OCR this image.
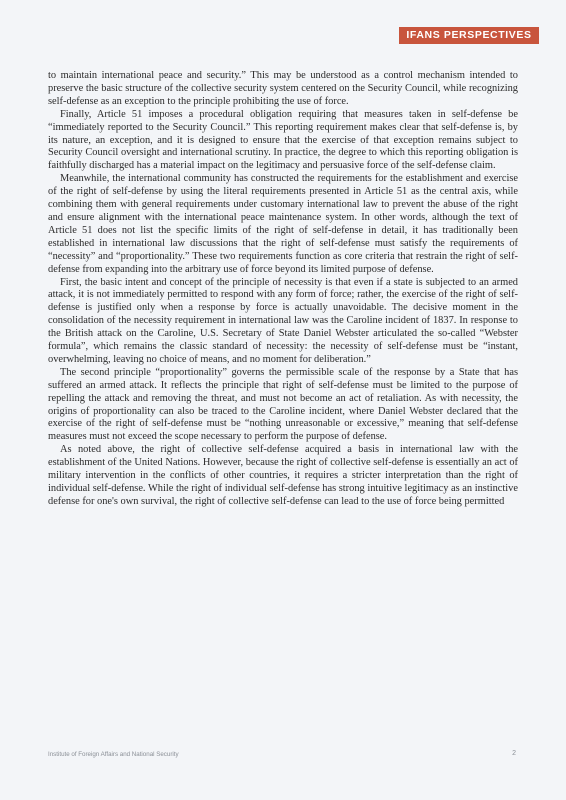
IFANS PERSPECTIVES

to maintain international peace and security.” This may be understood as a control mechanism intended to preserve the basic structure of the collective security system centered on the Security Council, while recognizing self-defense as an exception to the principle prohibiting the use of force.

Finally, Article 51 imposes a procedural obligation requiring that measures taken in self-defense be “immediately reported to the Security Council.” This reporting requirement makes clear that self-defense is, by its nature, an exception, and it is designed to ensure that the exercise of that exception remains subject to Security Council oversight and international scrutiny. In practice, the degree to which this reporting obligation is faithfully discharged has a material impact on the legitimacy and persuasive force of the self-defense claim.

Meanwhile, the international community has constructed the requirements for the establishment and exercise of the right of self-defense by using the literal requirements presented in Article 51 as the central axis, while combining them with general requirements under customary international law to prevent the abuse of the right and ensure alignment with the international peace maintenance system. In other words, although the text of Article 51 does not list the specific limits of the right of self-defense in detail, it has traditionally been established in international law discussions that the right of self-defense must satisfy the requirements of “necessity” and “proportionality.” These two requirements function as core criteria that restrain the right of self-defense from expanding into the arbitrary use of force beyond its limited purpose of defense.

First, the basic intent and concept of the principle of necessity is that even if a state is subjected to an armed attack, it is not immediately permitted to respond with any form of force; rather, the exercise of the right of self-defense is justified only when a response by force is actually unavoidable. The decisive moment in the consolidation of the necessity requirement in international law was the Caroline incident of 1837. In response to the British attack on the Caroline, U.S. Secretary of State Daniel Webster articulated the so-called “Webster formula”, which remains the classic standard of necessity: the necessity of self-defense must be “instant, overwhelming, leaving no choice of means, and no moment for deliberation.”

The second principle “proportionality” governs the permissible scale of the response by a State that has suffered an armed attack. It reflects the principle that right of self-defense must be limited to the purpose of repelling the attack and removing the threat, and must not become an act of retaliation. As with necessity, the origins of proportionality can also be traced to the Caroline incident, where Daniel Webster declared that the exercise of the right of self-defense must be “nothing unreasonable or excessive,” meaning that self-defense measures must not exceed the scope necessary to perform the purpose of defense.

As noted above, the right of collective self-defense acquired a basis in international law with the establishment of the United Nations. However, because the right of collective self-defense is essentially an act of military intervention in the conflicts of other countries, it requires a stricter interpretation than the right of individual self-defense. While the right of individual self-defense has strong intuitive legitimacy as an instinctive defense for one's own survival, the right of collective self-defense can lead to the use of force being permitted

Institute of Foreign Affairs and National Security	2
